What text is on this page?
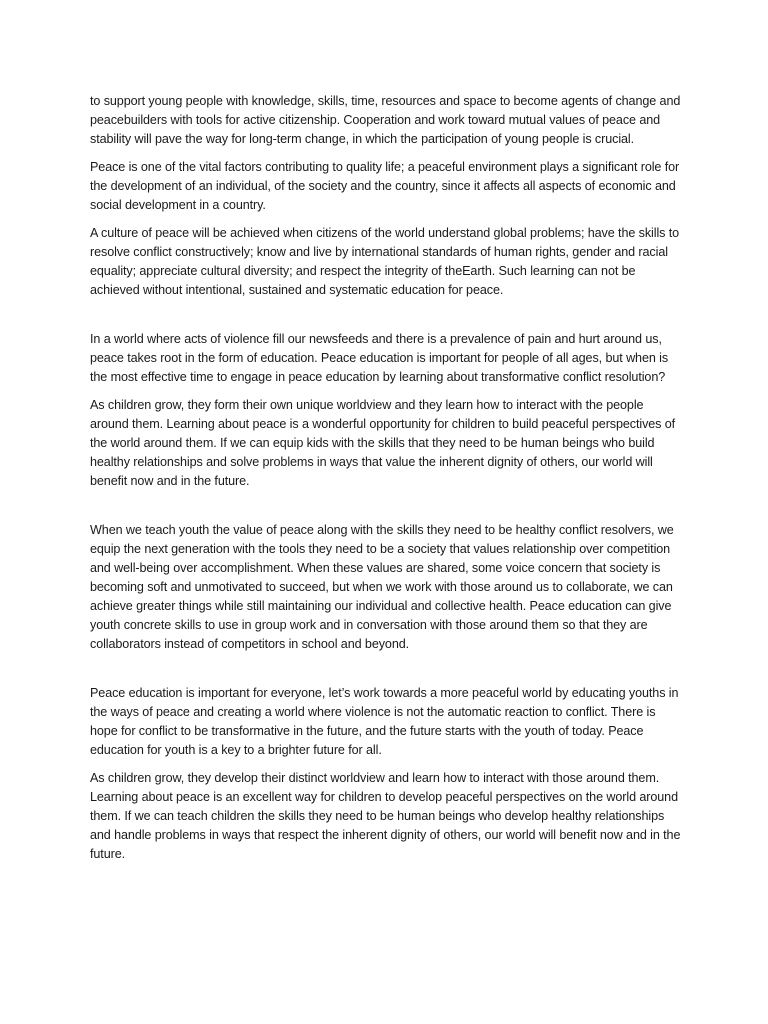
to support young people with knowledge, skills, time, resources and space to become agents of change and peacebuilders with tools for active citizenship. Cooperation and work toward mutual values of peace and stability will pave the way for long-term change, in which the participation of young people is crucial.

Peace is one of the vital factors contributing to quality life; a peaceful environment plays a significant role for the development of an individual, of the society and the country, since it affects all aspects of economic and social development in a country.

A culture of peace will be achieved when citizens of the world understand global problems; have the skills to resolve conflict constructively; know and live by international standards of human rights, gender and racial equality; appreciate cultural diversity; and respect the integrity of theEarth. Such learning can not be achieved without intentional, sustained and systematic education for peace.

In a world where acts of violence fill our newsfeeds and there is a prevalence of pain and hurt around us, peace takes root in the form of education. Peace education is important for people of all ages, but when is the most effective time to engage in peace education by learning about transformative conflict resolution?

As children grow, they form their own unique worldview and they learn how to interact with the people around them. Learning about peace is a wonderful opportunity for children to build peaceful perspectives of the world around them. If we can equip kids with the skills that they need to be human beings who build healthy relationships and solve problems in ways that value the inherent dignity of others, our world will benefit now and in the future.

When we teach youth the value of peace along with the skills they need to be healthy conflict resolvers, we equip the next generation with the tools they need to be a society that values relationship over competition and well-being over accomplishment. When these values are shared, some voice concern that society is becoming soft and unmotivated to succeed, but when we work with those around us to collaborate, we can achieve greater things while still maintaining our individual and collective health. Peace education can give youth concrete skills to use in group work and in conversation with those around them so that they are collaborators instead of competitors in school and beyond.

Peace education is important for everyone, let’s work towards a more peaceful world by educating youths in the ways of peace and creating a world where violence is not the automatic reaction to conflict. There is hope for conflict to be transformative in the future, and the future starts with the youth of today. Peace education for youth is a key to a brighter future for all.

As children grow, they develop their distinct worldview and learn how to interact with those around them. Learning about peace is an excellent way for children to develop peaceful perspectives on the world around them. If we can teach children the skills they need to be human beings who develop healthy relationships and handle problems in ways that respect the inherent dignity of others, our world will benefit now and in the future.
